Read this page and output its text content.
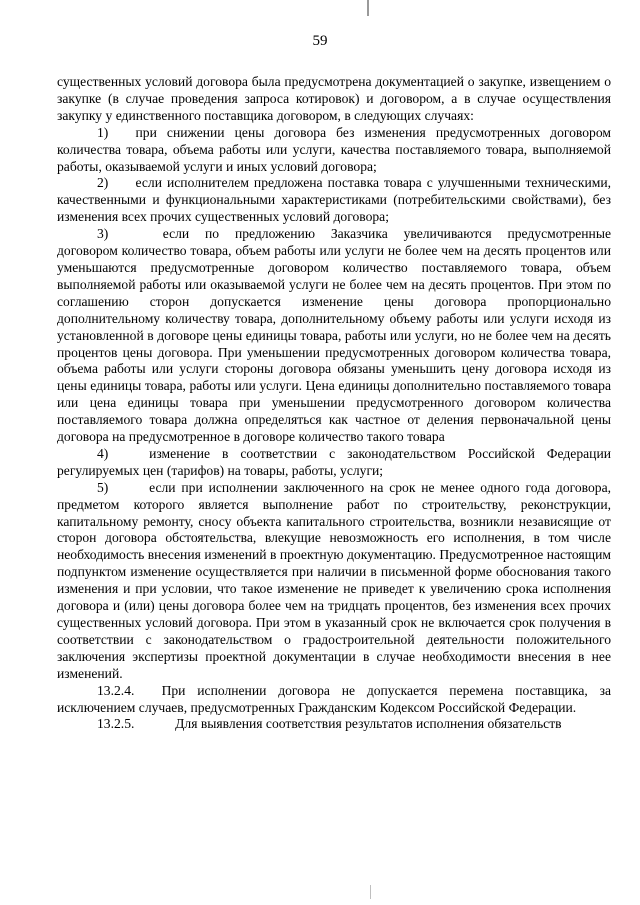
59

существенных условий договора была предусмотрена документацией о закупке, извещением о закупке (в случае проведения запроса котировок) и договором, а в случае осуществления закупку у единственного поставщика договором, в следующих случаях:

1)  при снижении цены договора без изменения предусмотренных договором количества товара, объема работы или услуги, качества поставляемого товара, выполняемой работы, оказываемой услуги и иных условий договора;

2)  если исполнителем предложена поставка товара с улучшенными техническими, качественными и функциональными характеристиками (потребительскими свойствами), без изменения всех прочих существенных условий договора;

3)    если по предложению Заказчика увеличиваются предусмотренные договором количество товара, объем работы или услуги не более чем на десять процентов или уменьшаются предусмотренные договором количество поставляемого товара, объем выполняемой работы или оказываемой услуги не более чем на десять процентов. При этом по соглашению сторон допускается изменение цены договора пропорционально дополнительному количеству товара, дополнительному объему работы или услуги исходя из установленной в договоре цены единицы товара, работы или услуги, но не более чем на десять процентов цены договора. При уменьшении предусмотренных договором количества товара, объема работы или услуги стороны договора обязаны уменьшить цену договора исходя из цены единицы товара, работы или услуги. Цена единицы дополнительно поставляемого товара или цена единицы товара при уменьшении предусмотренного договором количества поставляемого товара должна определяться как частное от деления первоначальной цены договора на предусмотренное в договоре количество такого товара

4)   изменение в соответствии с законодательством Российской Федерации регулируемых цен (тарифов) на товары, работы, услуги;

5)   если при исполнении заключенного на срок не менее одного года договора, предметом которого является выполнение работ по строительству, реконструкции, капитальному ремонту, сносу объекта капитального строительства, возникли независящие от сторон договора обстоятельства, влекущие невозможность его исполнения, в том числе необходимость внесения изменений в проектную документацию. Предусмотренное настоящим подпунктом изменение осуществляется при наличии в письменной форме обоснования такого изменения и при условии, что такое изменение не приведет к увеличению срока исполнения договора и (или) цены договора более чем на тридцать процентов, без изменения всех прочих существенных условий договора. При этом в указанный срок не включается срок получения в соответствии с законодательством о градостроительной деятельности положительного заключения экспертизы проектной документации в случае необходимости внесения в нее изменений.

13.2.4.  При исполнении договора не допускается перемена поставщика, за исключением случаев, предусмотренных Гражданским Кодексом Российской Федерации.

13.2.5.   Для выявления соответствия результатов исполнения обязательств
